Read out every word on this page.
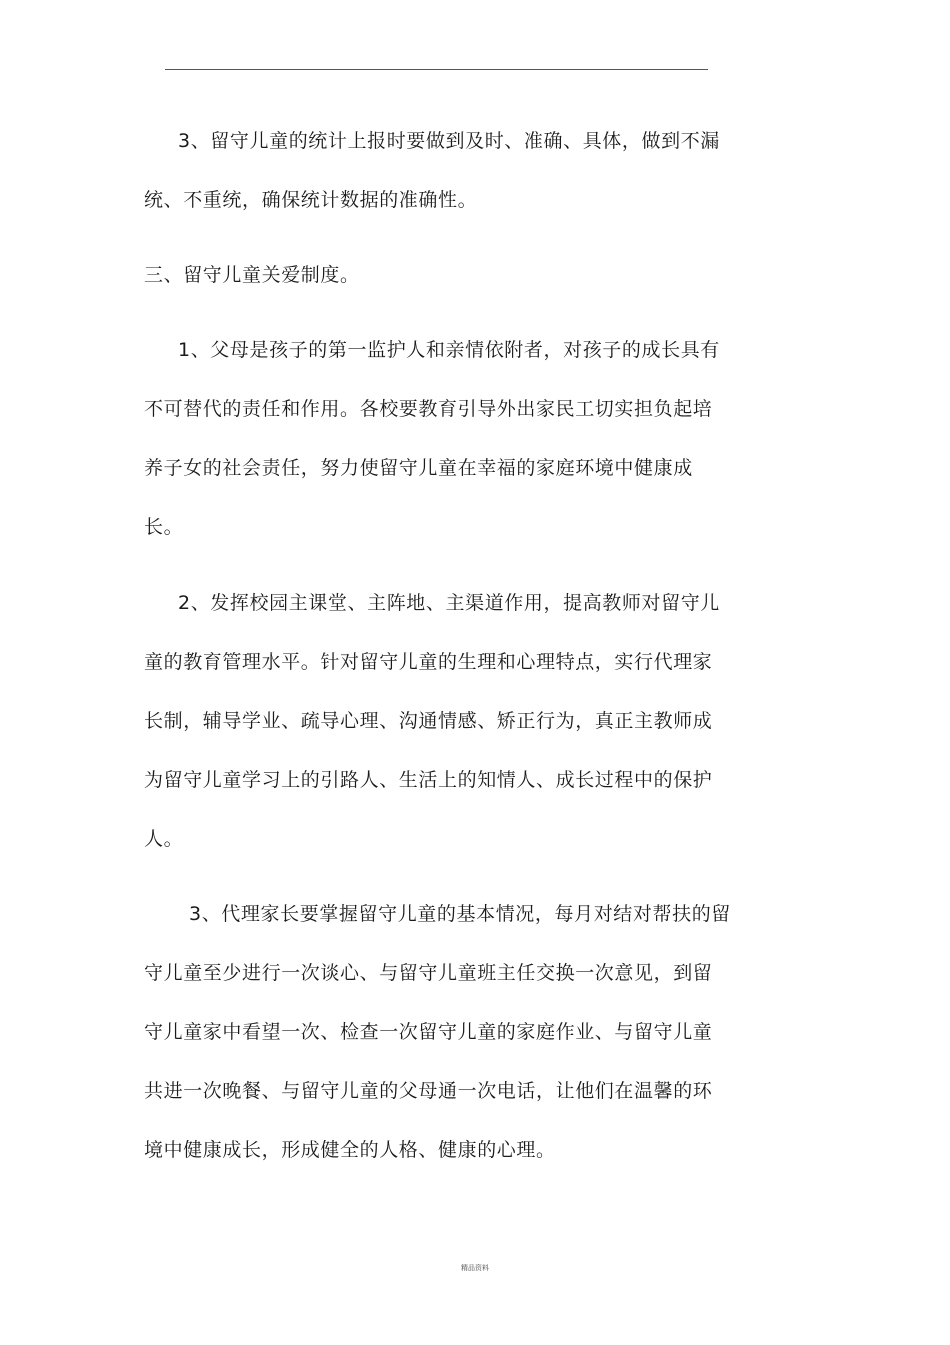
3、留守儿童的统计上报时要做到及时、准确、具体，做到不漏
统、不重统，确保统计数据的准确性。
三、留守儿童关爱制度。
1、父母是孩子的第一监护人和亲情依附者，对孩子的成长具有
不可替代的责任和作用。各校要教育引导外出家民工切实担负起培
养子女的社会责任，努力使留守儿童在幸福的家庭环境中健康成
长。
2、发挥校园主课堂、主阵地、主渠道作用，提高教师对留守儿
童的教育管理水平。针对留守儿童的生理和心理特点，实行代理家
长制，辅导学业、疏导心理、沟通情感、矫正行为，真正主教师成
为留守儿童学习上的引路人、生活上的知情人、成长过程中的保护
人。
3、代理家长要掌握留守儿童的基本情况，每月对结对帮扶的留
守儿童至少进行一次谈心、与留守儿童班主任交换一次意见，到留
守儿童家中看望一次、检查一次留守儿童的家庭作业、与留守儿童
共进一次晚餐、与留守儿童的父母通一次电话，让他们在温馨的环
境中健康成长，形成健全的人格、健康的心理。
精品资料
